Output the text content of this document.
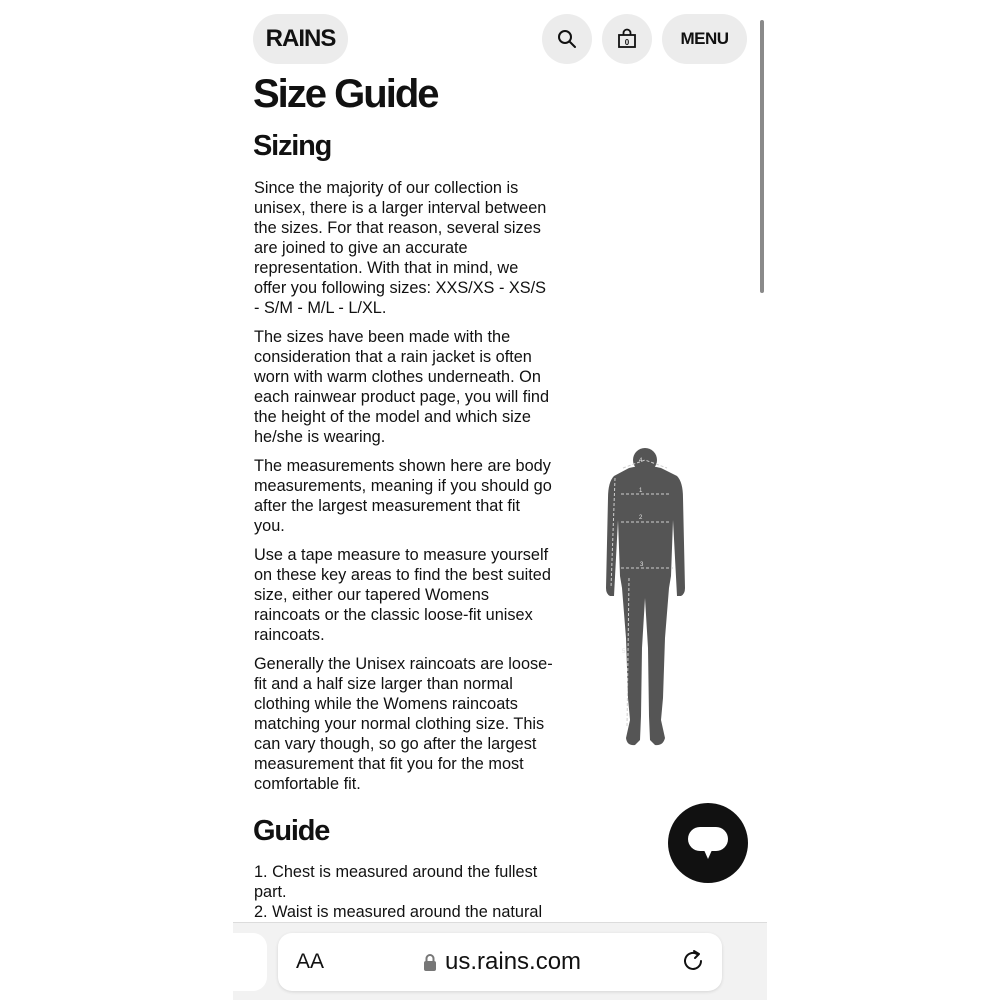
RAINS	0	MENU
Size Guide
Sizing

Since the majority of our collection is unisex, there is a larger interval between the sizes. For that reason, several sizes are joined to give an accurate representation. With that in mind, we offer you following sizes: XXS/XS - XS/S - S/M - M/L - L/XL.

The sizes have been made with the consideration that a rain jacket is often worn with warm clothes underneath. On each rainwear product page, you will find the height of the model and which size he/she is wearing.

The measurements shown here are body measurements, meaning if you should go after the largest measurement that fit you.

Use a tape measure to measure yourself on these key areas to find the best suited size, either our tapered Womens raincoats or the classic loose-fit unisex raincoats.

Generally the Unisex raincoats are loose-fit and a half size larger than normal clothing while the Womens raincoats matching your normal clothing size. This can vary though, so go after the largest measurement that fit you for the most comfortable fit.

4
1
2
3
5
Guide

1. Chest is measured around the fullest part.

2. Waist is measured around the natural

AA	us.rains.com
